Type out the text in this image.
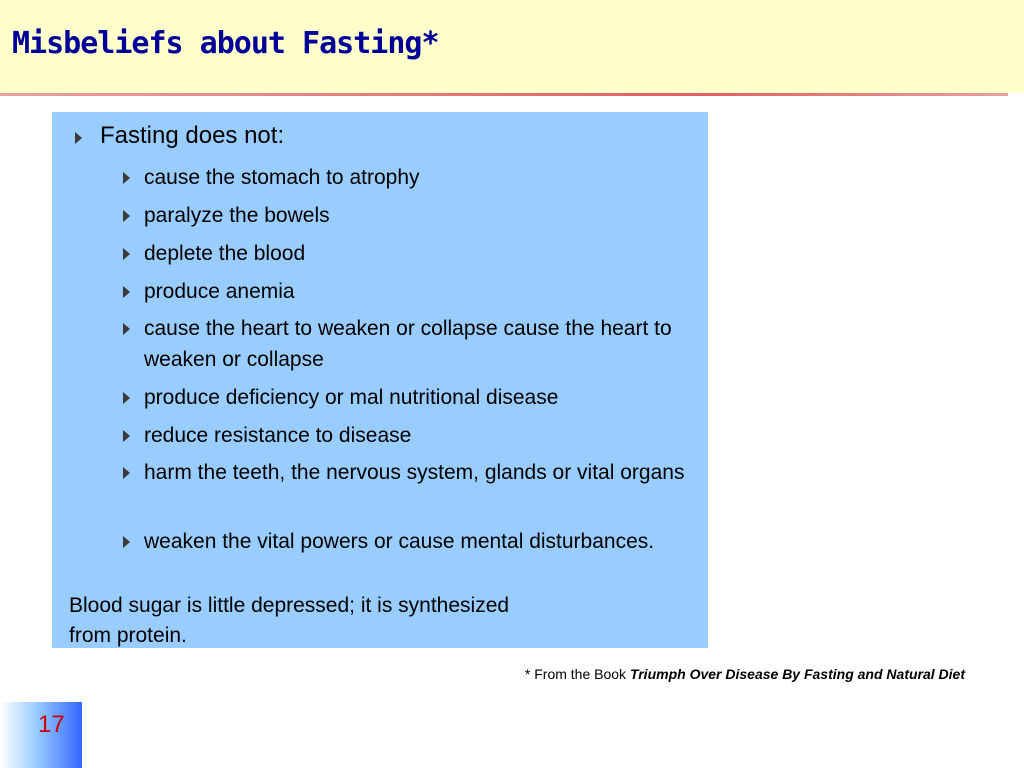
Misbeliefs about Fasting*
Fasting does not:
cause the stomach to atrophy
paralyze the bowels
deplete the blood
produce anemia
cause the heart to weaken or collapse cause the heart to weaken or collapse
produce deficiency or mal nutritional disease
reduce resistance to disease
harm the teeth, the nervous system, glands or vital organs
weaken the vital powers or cause mental disturbances.
Blood sugar is little depressed; it is synthesized
from protein.
* From the Book Triumph Over Disease By Fasting and Natural Diet
17
